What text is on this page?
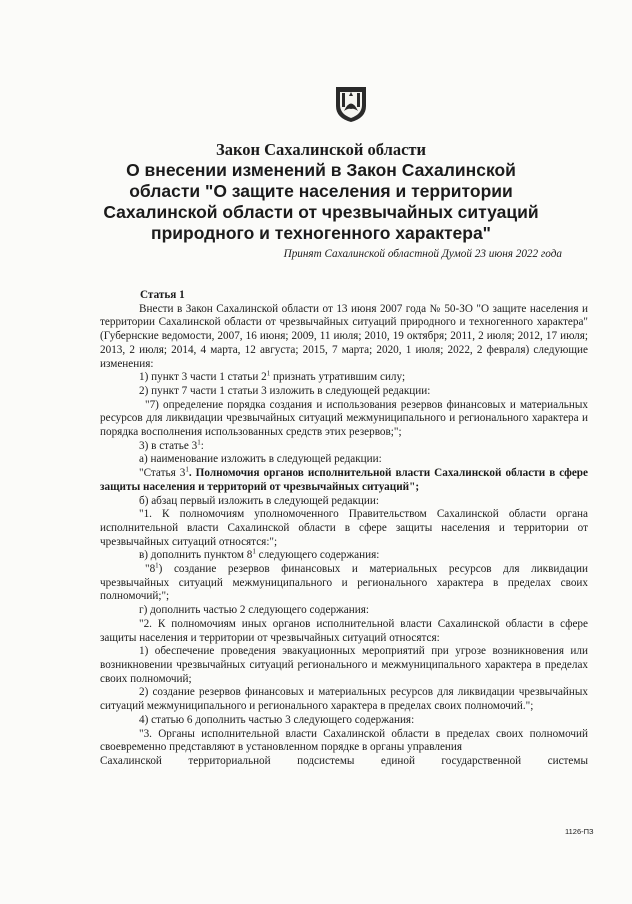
Закон Сахалинской области
О внесении изменений в Закон Сахалинской области "О защите населения и территории Сахалинской области от чрезвычайных ситуаций природного и техногенного характера"
Принят Сахалинской областной Думой 23 июня 2022 года

Статья 1

Внести в Закон Сахалинской области от 13 июня 2007 года № 50-ЗО "О защите населения и территории Сахалинской области от чрезвычайных ситуаций природного и техногенного характера" (Губернские ведомости, 2007, 16 июня; 2009, 11 июля; 2010, 19 октября; 2011, 2 июля; 2012, 17 июля; 2013, 2 июля; 2014, 4 марта, 12 августа; 2015, 7 марта; 2020, 1 июля; 2022, 2 февраля) следующие изменения:

1) пункт 3 части 1 статьи $2^1$ признать утратившим силу;

2) пункт 7 части 1 статьи 3 изложить в следующей редакции:

"7) определение порядка создания и использования резервов финансовых и материальных ресурсов для ликвидации чрезвычайных ситуаций межмуниципального и регионального характера и порядка восполнения использованных средств этих резервов;";

3) в статье $3^1$:

а) наименование изложить в следующей редакции:

"Статья $3^1$. Полномочия органов исполнительной власти Сахалинской области в сфере защиты населения и территорий от чрезвычайных ситуаций";

б) абзац первый изложить в следующей редакции:

"1. К полномочиям уполномоченного Правительством Сахалинской области органа исполнительной власти Сахалинской области в сфере защиты населения и территории от чрезвычайных ситуаций относятся:";

в) дополнить пунктом $8^1$ следующего содержания:

"$8^1$) создание резервов финансовых и материальных ресурсов для ликвидации чрезвычайных ситуаций межмуниципального и регионального характера в пределах своих полномочий;";

г) дополнить частью 2 следующего содержания:

"2. К полномочиям иных органов исполнительной власти Сахалинской области в сфере защиты населения и территории от чрезвычайных ситуаций относятся:

1) обеспечение проведения эвакуационных мероприятий при угрозе возникновения или возникновении чрезвычайных ситуаций регионального и межмуниципального характера в пределах своих полномочий;

2) создание резервов финансовых и материальных ресурсов для ликвидации чрезвычайных ситуаций межмуниципального и регионального характера в пределах своих полномочий.";

4) статью 6 дополнить частью 3 следующего содержания:

"3. Органы исполнительной власти Сахалинской области в пределах своих полномочий своевременно представляют в установленном порядке в органы управления

Сахалинской территориальной подсистемы единой государственной системы

1126-ПЗ
